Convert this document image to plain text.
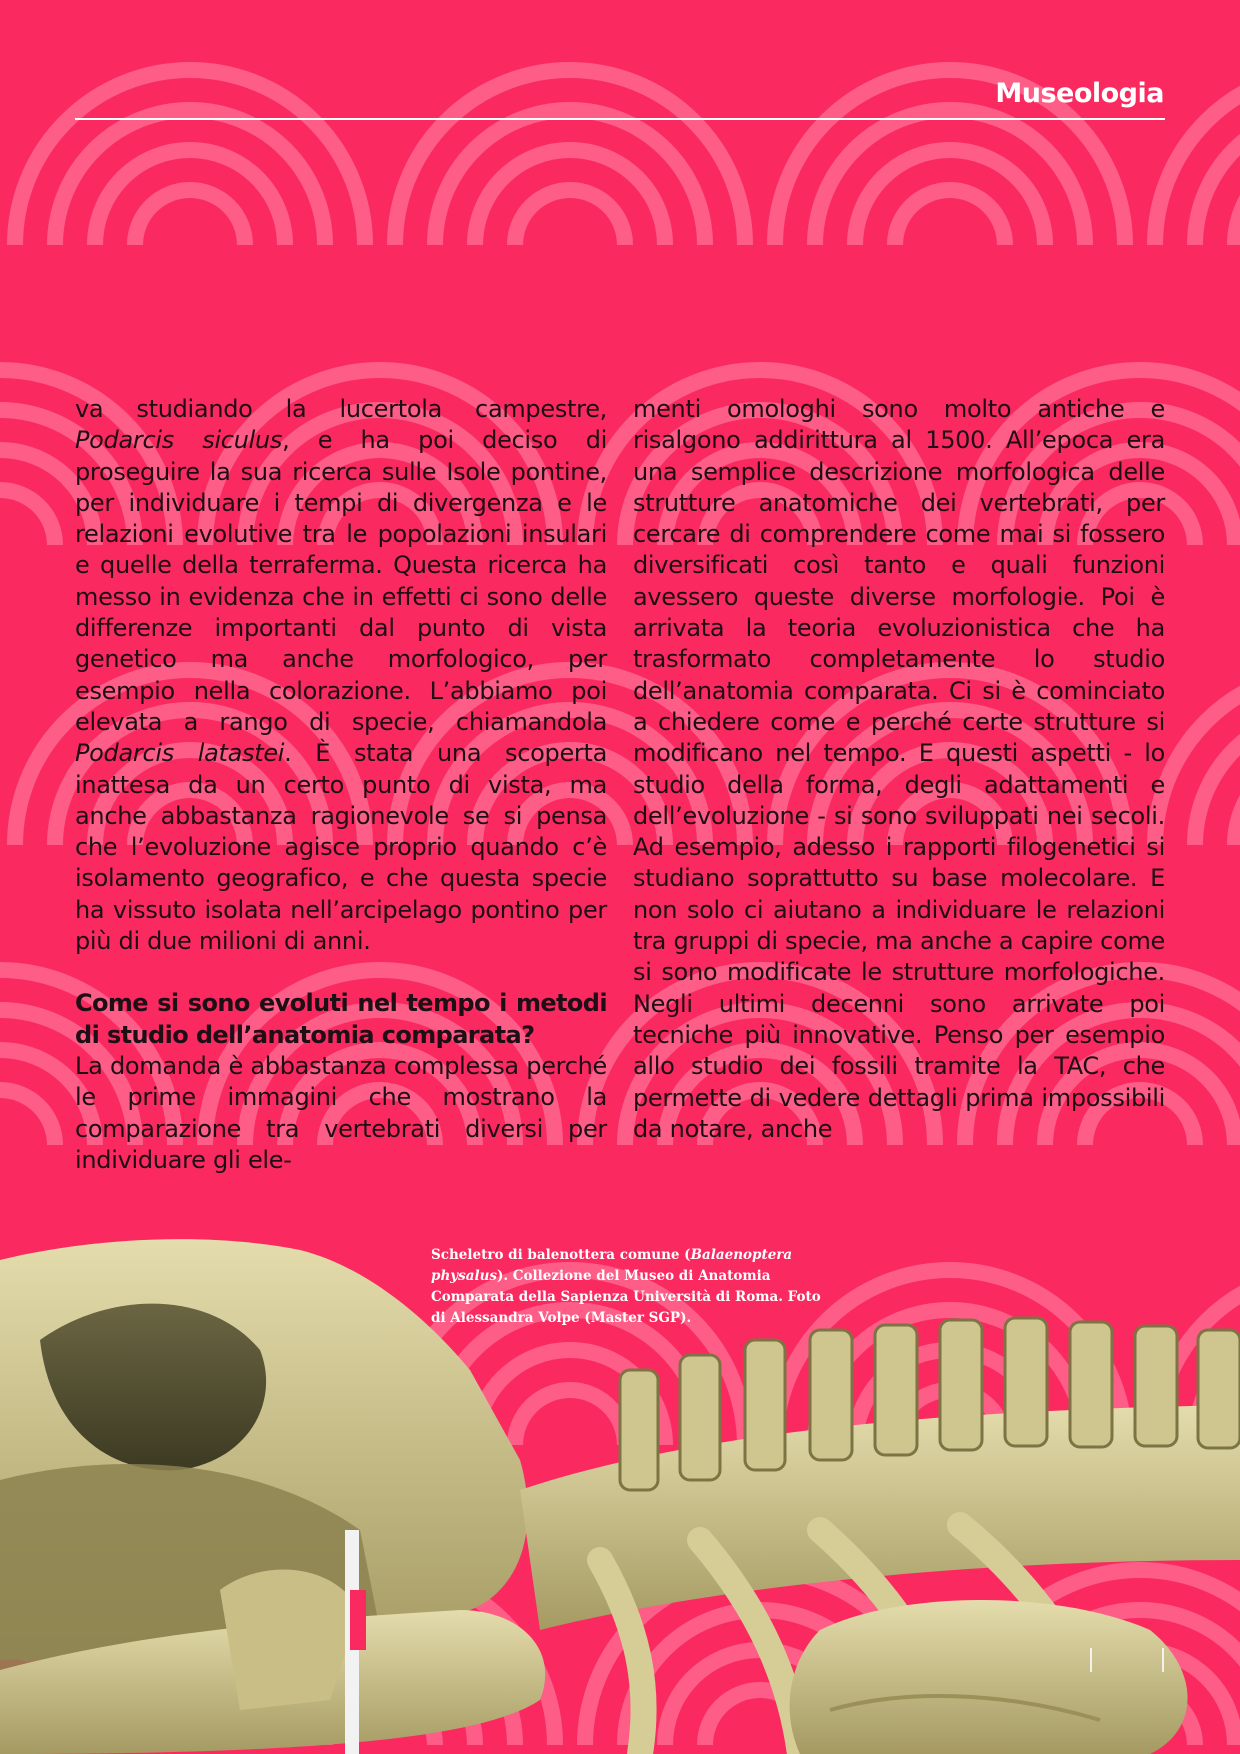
Museologia

va studiando la lucertola campestre, Podarcis siculus, e ha poi deciso di proseguire la sua ricerca sulle Isole pontine, per individuare i tempi di divergenza e le relazioni evolutive tra le popolazioni insulari e quelle della terraferma. Questa ricerca ha messo in evidenza che in effetti ci sono delle differenze importanti dal punto di vista genetico ma anche morfologico, per esempio nella colorazione. L’abbiamo poi elevata a rango di specie, chiamandola Podarcis latastei. È stata una scoperta inattesa da un certo punto di vista, ma anche abbastanza ragionevole se si pensa che l’evoluzione agisce proprio quando c’è isolamento geografico, e che questa specie ha vissuto isolata nell’arcipelago pontino per più di due milioni di anni.

Come si sono evoluti nel tempo i metodi di studio dell’anatomia comparata?

La domanda è abbastanza complessa perché le prime immagini che mostrano la comparazione tra vertebrati diversi per individuare gli ele-

menti omologhi sono molto antiche e risalgono addirittura al 1500. All’epoca era una semplice descrizione morfologica delle strutture anatomiche dei vertebrati, per cercare di comprendere come mai si fossero diversificati così tanto e quali funzioni avessero queste diverse morfologie. Poi è arrivata la teoria evoluzionistica che ha trasformato completamente lo studio dell’anatomia comparata. Ci si è cominciato a chiedere come e perché certe strutture si modificano nel tempo. E questi aspetti - lo studio della forma, degli adattamenti e dell’evoluzione - si sono sviluppati nei secoli. Ad esempio, adesso i rapporti filogenetici si studiano soprattutto su base molecolare. E non solo ci aiutano a individuare le relazioni tra gruppi di specie, ma anche a capire come si sono modificate le strutture morfologiche. Negli ultimi decenni sono arrivate poi tecniche più innovative. Penso per esempio allo studio dei fossili tramite la TAC, che permette di vedere dettagli prima impossibili da notare, anche

Scheletro di balenottera comune (Balaenoptera physalus). Collezione del Museo di Anatomia Comparata della Sapienza Università di Roma. Foto di Alessandra Volpe (Master SGP).
